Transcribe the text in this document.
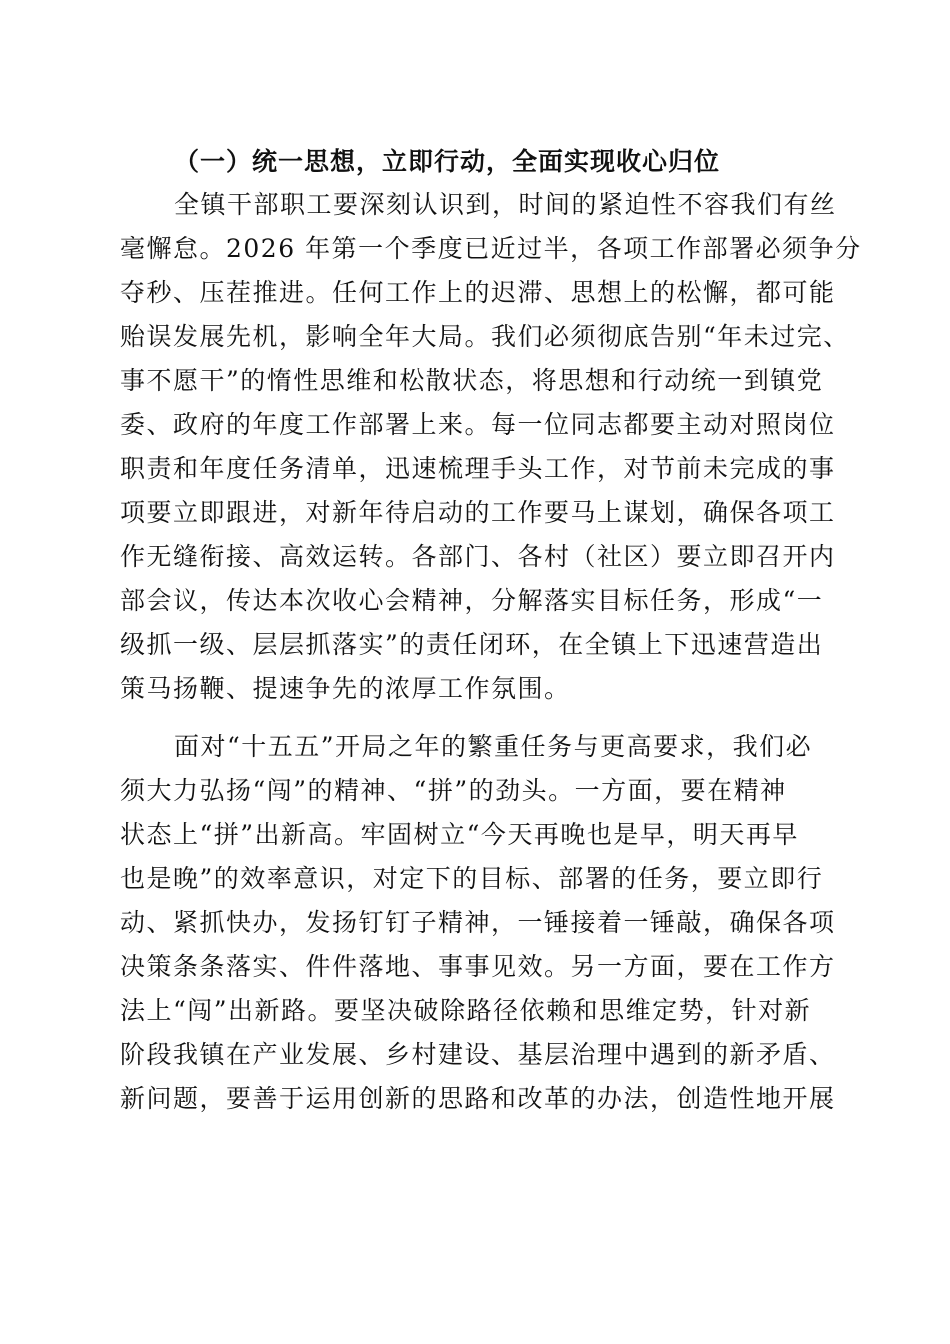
（一）统一思想，立即行动，全面实现收心归位
全镇干部职工要深刻认识到，时间的紧迫性不容我们有丝
毫懈怠。2026 年第一个季度已近过半，各项工作部署必须争分
夺秒、压茬推进。任何工作上的迟滞、思想上的松懈，都可能
贻误发展先机，影响全年大局。我们必须彻底告别“年未过完、
事不愿干”的惰性思维和松散状态，将思想和行动统一到镇党
委、政府的年度工作部署上来。每一位同志都要主动对照岗位
职责和年度任务清单，迅速梳理手头工作，对节前未完成的事
项要立即跟进，对新年待启动的工作要马上谋划，确保各项工
作无缝衔接、高效运转。各部门、各村（社区）要立即召开内
部会议，传达本次收心会精神，分解落实目标任务，形成“一
级抓一级、层层抓落实”的责任闭环，在全镇上下迅速营造出
策马扬鞭、提速争先的浓厚工作氛围。
面对“十五五”开局之年的繁重任务与更高要求，我们必
须大力弘扬“闯”的精神、“拼”的劲头。一方面，要在精神
状态上“拼”出新高。牢固树立“今天再晚也是早，明天再早
也是晚”的效率意识，对定下的目标、部署的任务，要立即行
动、紧抓快办，发扬钉钉子精神，一锤接着一锤敲，确保各项
决策条条落实、件件落地、事事见效。另一方面，要在工作方
法上“闯”出新路。要坚决破除路径依赖和思维定势，针对新
阶段我镇在产业发展、乡村建设、基层治理中遇到的新矛盾、
新问题，要善于运用创新的思路和改革的办法，创造性地开展
